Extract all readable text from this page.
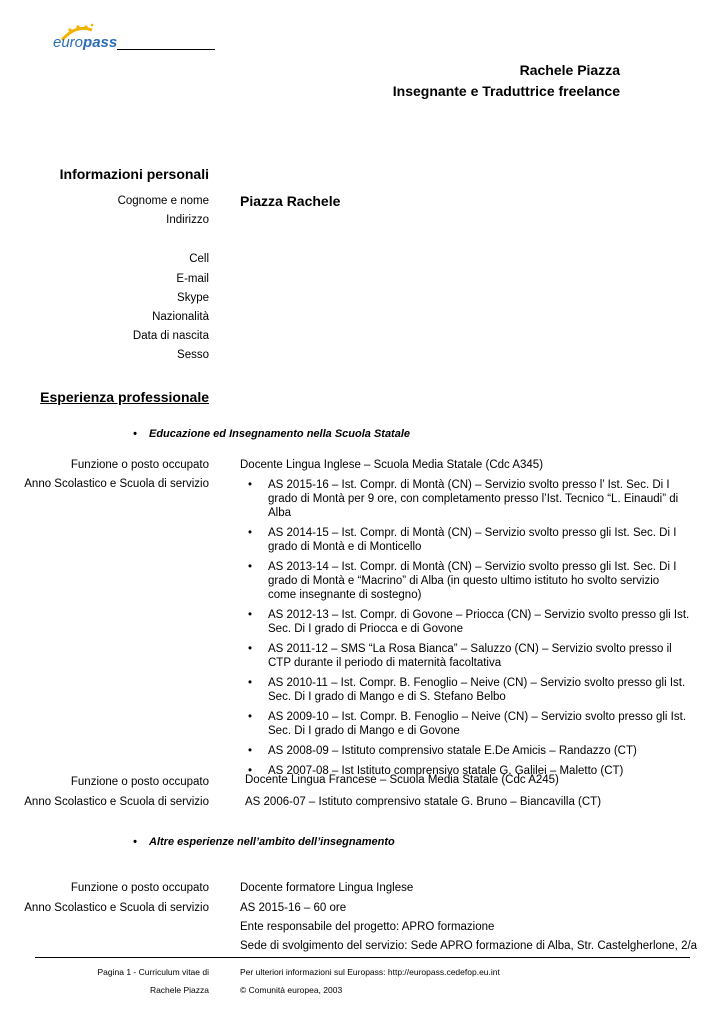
europass
Rachele Piazza
Insegnante e Traduttrice freelance
Informazioni personali
Cognome e nome Piazza Rachele
Indirizzo
Cell
E-mail
Skype
Nazionalità
Data di nascita
Sesso
Esperienza professionale
• Educazione ed Insegnamento nella Scuola Statale
Funzione o posto occupato	Docente Lingua Inglese – Scuola Media Statale (Cdc A345)
Anno Scolastico e Scuola di servizio
•	AS 2015-16 – Ist. Compr. di Montà (CN) – Servizio svolto presso l’ Ist. Sec. Di I grado di Montà per 9 ore, con completamento presso l’Ist. Tecnico “L. Einaudi” di Alba
• AS 2014-15 – Ist. Compr. di Montà (CN) – Servizio svolto presso gli Ist. Sec. Di I grado di Montà e di Monticello
• AS 2013-14 – Ist. Compr. di Montà (CN) – Servizio svolto presso gli Ist. Sec. Di I grado di Montà e “Macrino” di Alba (in questo ultimo istituto ho svolto servizio come insegnante di sostegno)
• AS 2012-13 – Ist. Compr. di Govone – Priocca (CN) – Servizio svolto presso gli Ist. Sec. Di I grado di Priocca e di Govone
• AS 2011-12 – SMS “La Rosa Bianca” – Saluzzo (CN) – Servizio svolto presso il CTP durante il periodo di maternità facoltativa
• AS 2010-11 – Ist. Compr. B. Fenoglio – Neive (CN) – Servizio svolto presso gli Ist. Sec. Di I grado di Mango e di S. Stefano Belbo
• AS 2009-10 – Ist. Compr. B. Fenoglio – Neive (CN) – Servizio svolto presso gli Ist. Sec. Di I grado di Mango e di Govone
• AS 2008-09 – Istituto comprensivo statale E.De Amicis – Randazzo (CT)
• AS 2007-08 – Ist Istituto comprensivo statale G. Galilei – Maletto (CT)
Funzione o posto occupato	Docente Lingua Francese – Scuola Media Statale (Cdc A245)
Anno Scolastico e Scuola di servizio	AS 2006-07 – Istituto comprensivo statale G. Bruno – Biancavilla (CT)
• Altre esperienze nell’ambito dell’insegnamento
Funzione o posto occupato	Docente formatore Lingua Inglese
Anno Scolastico e Scuola di servizio	AS 2015-16 – 60 ore
Ente responsabile del progetto: APRO formazione
Sede di svolgimento del servizio: Sede APRO formazione di Alba, Str. Castelgherlone, 2/a
Pagina 1 - Curriculum vitae di
Rachele Piazza
Per ulteriori informazioni sul Europass: http://europass.cedefop.eu.int
© Comunità europea, 2003
